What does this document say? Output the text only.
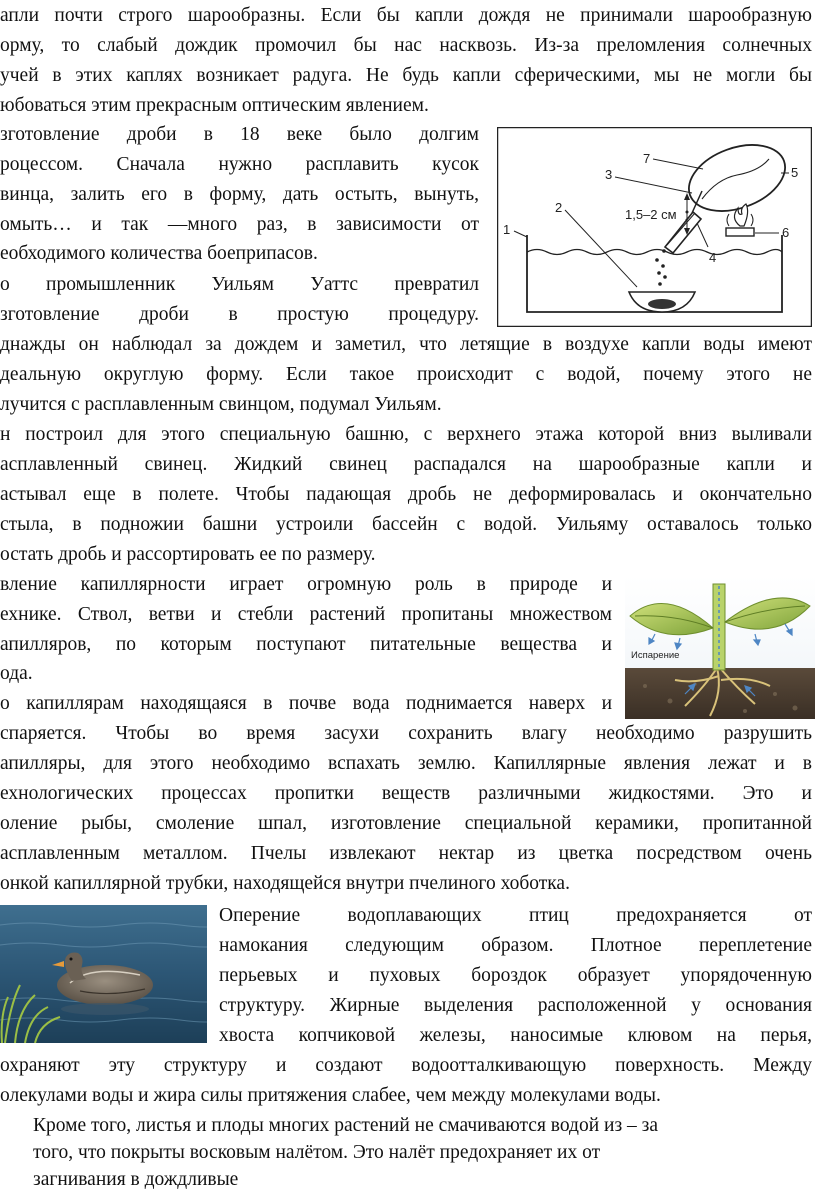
апли почти строго шарообразны. Если бы капли дождя не принимали шарообразную
орму, то слабый дождик промочил бы нас насквозь. Из-за преломления солнечных
учей в этих каплях возникает радуга. Не будь капли сферическими, мы не могли бы
юбоваться этим прекрасным оптическим явлением.
зготовление дроби в 18 веке было долгим
роцессом. Сначала нужно расплавить кусок
винца, залить его в форму, дать остыть, вынуть,
омыть… и так —много раз, в зависимости от
еобходимого количества боеприпасов.
о промышленник Уильям Уаттс превратил
зготовление дроби в простую процедуру.
1,5–2 см
1
2
3
4
5
6
7
днажды он наблюдал за дождем и заметил, что летящие в воздухе капли воды имеют
деальную округлую форму. Если такое происходит с водой, почему этого не
лучится с расплавленным свинцом, подумал Уильям.
н построил для этого специальную башню, с верхнего этажа которой вниз выливали
асплавленный свинец. Жидкий свинец распадался на шарообразные капли и
астывал еще в полете. Чтобы падающая дробь не деформировалась и окончательно
стыла, в подножии башни устроили бассейн с водой. Уильяму оставалось только
остать дробь и рассортировать ее по размеру.
вление капиллярности играет огромную роль в природе и
ехнике. Ствол, ветви и стебли растений пропитаны множеством
апилляров, по которым поступают питательные вещества и
ода.
о капиллярам находящаяся в почве вода поднимается наверх и
Испарение
спаряется. Чтобы во время засухи сохранить влагу необходимо разрушить
апилляры, для этого необходимо вспахать землю. Капиллярные явления лежат и в
ехнологических процессах пропитки веществ различными жидкостями. Это и
оление рыбы, смоление шпал, изготовление специальной керамики, пропитанной
асплавленным металлом. Пчелы извлекают нектар из цветка посредством очень
онкой капиллярной трубки, находящейся внутри пчелиного хоботка.
Оперение водоплавающих птиц предохраняется от
намокания следующим образом. Плотное переплетение
перьевых и пуховых бороздок образует упорядоченную
структуру. Жирные выделения расположенной у основания
хвоста копчиковой железы, наносимые клювом на перья,
охраняют эту структуру и создают водоотталкивающую поверхность. Между
олекулами воды и жира силы притяжения слабее, чем между молекулами воды.
Кроме того, листья и плоды многих растений не смачиваются водой из – за
того, что покрыты восковым налётом. Это налёт предохраняет их от
загнивания в дождливые
